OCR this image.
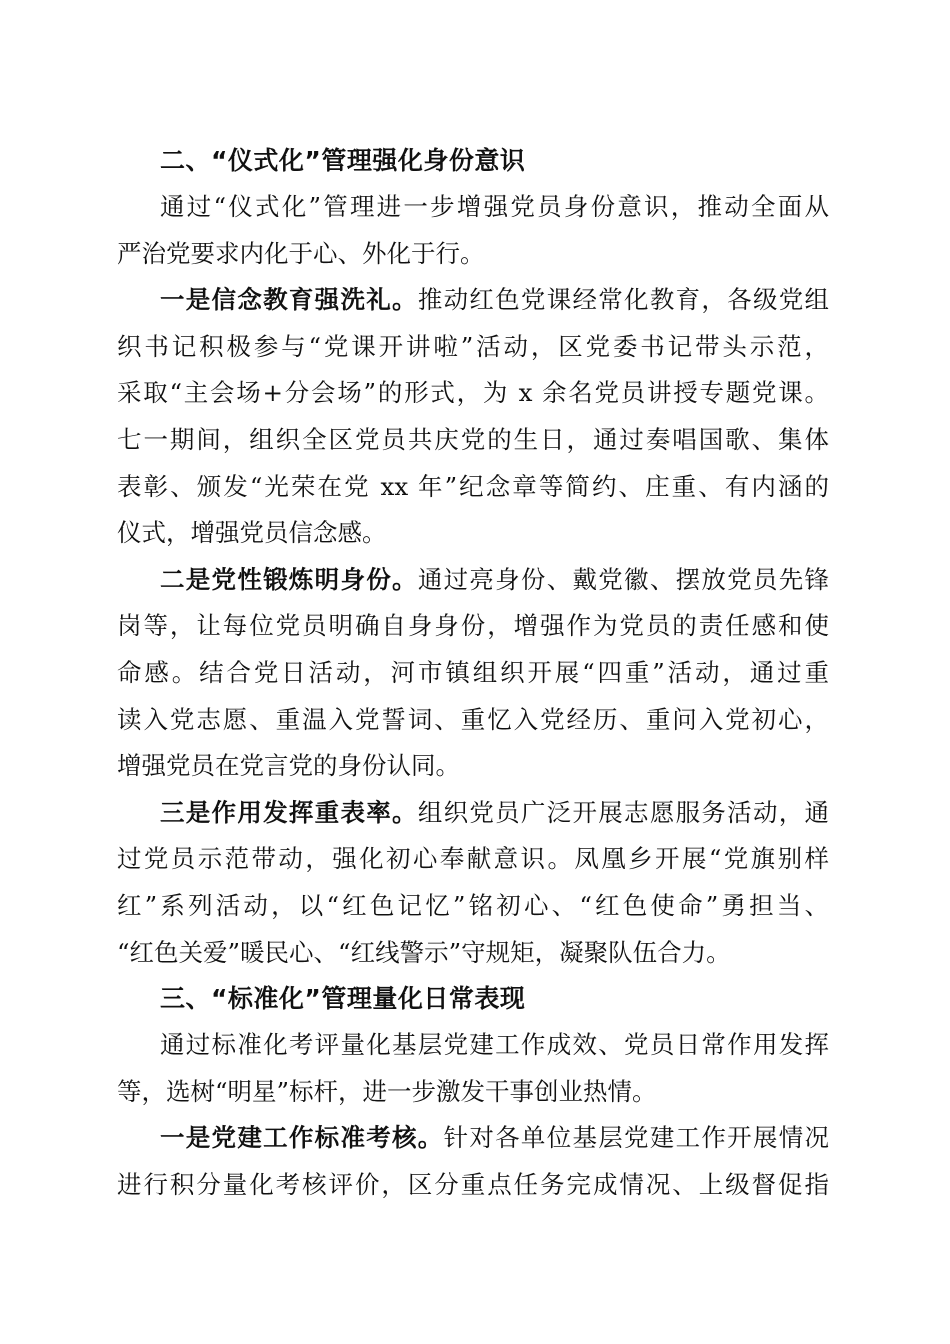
二、“仪式化”管理强化身份意识
通过“仪式化”管理进一步增强党员身份意识，推动全面从
严治党要求内化于心、外化于行。
一是信念教育强洗礼。推动红色党课经常化教育，各级党组
织书记积极参与“党课开讲啦”活动，区党委书记带头示范，
采取“主会场+分会场”的形式，为 x 余名党员讲授专题党课。
七一期间，组织全区党员共庆党的生日，通过奏唱国歌、集体
表彰、颁发“光荣在党 xx 年”纪念章等简约、庄重、有内涵的
仪式，增强党员信念感。
二是党性锻炼明身份。通过亮身份、戴党徽、摆放党员先锋
岗等，让每位党员明确自身身份，增强作为党员的责任感和使
命感。结合党日活动，河市镇组织开展“四重”活动，通过重
读入党志愿、重温入党誓词、重忆入党经历、重问入党初心，
增强党员在党言党的身份认同。
三是作用发挥重表率。组织党员广泛开展志愿服务活动，通
过党员示范带动，强化初心奉献意识。凤凰乡开展“党旗别样
红”系列活动，以“红色记忆”铭初心、“红色使命”勇担当、
“红色关爱”暖民心、“红线警示”守规矩，凝聚队伍合力。
三、“标准化”管理量化日常表现
通过标准化考评量化基层党建工作成效、党员日常作用发挥
等，选树“明星”标杆，进一步激发干事创业热情。
一是党建工作标准考核。针对各单位基层党建工作开展情况
进行积分量化考核评价，区分重点任务完成情况、上级督促指
